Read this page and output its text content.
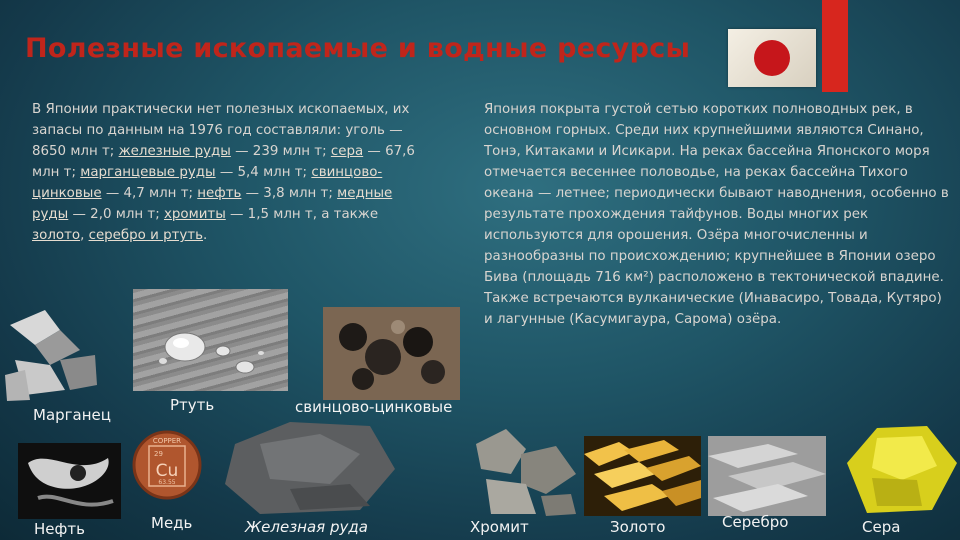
Полезные ископаемые и водные ресурсы

В Японии практически нет полезных ископаемых, их запасы по данным на 1976 год составляли: уголь — 8650 млн т; железные руды — 239 млн т; сера — 67,6 млн т; марганцевые руды — 5,4 млн т; свинцово-цинковые — 4,7 млн т; нефть — 3,8 млн т; медные руды — 2,0 млн т; хромиты — 1,5 млн т, а также золото, серебро и ртуть.

Япония покрыта густой сетью коротких полноводных рек, в основном горных. Среди них крупнейшими являются Синано, Тонэ, Китаками и Исикари. На реках бассейна Японского моря отмечается весеннее половодье, на реках бассейна Тихого океана — летнее; периодически бывают наводнения, особенно в результате прохождения тайфунов. Воды многих рек используются для орошения. Озёра многочисленны и разнообразны по происхождению; крупнейшее в Японии озеро Бива (площадь 716 км²) расположено в тектонической впадине. Также встречаются вулканические (Инавасиро, Товада, Кутяро) и лагунные (Касумигаура, Сарома) озёра.

Марганец
Ртуть	свинцово-цинковые
Нефть
COPPER
29
Cu
63.55
Медь	Железная руда	Хромит	Золото	Серебро	Сера
